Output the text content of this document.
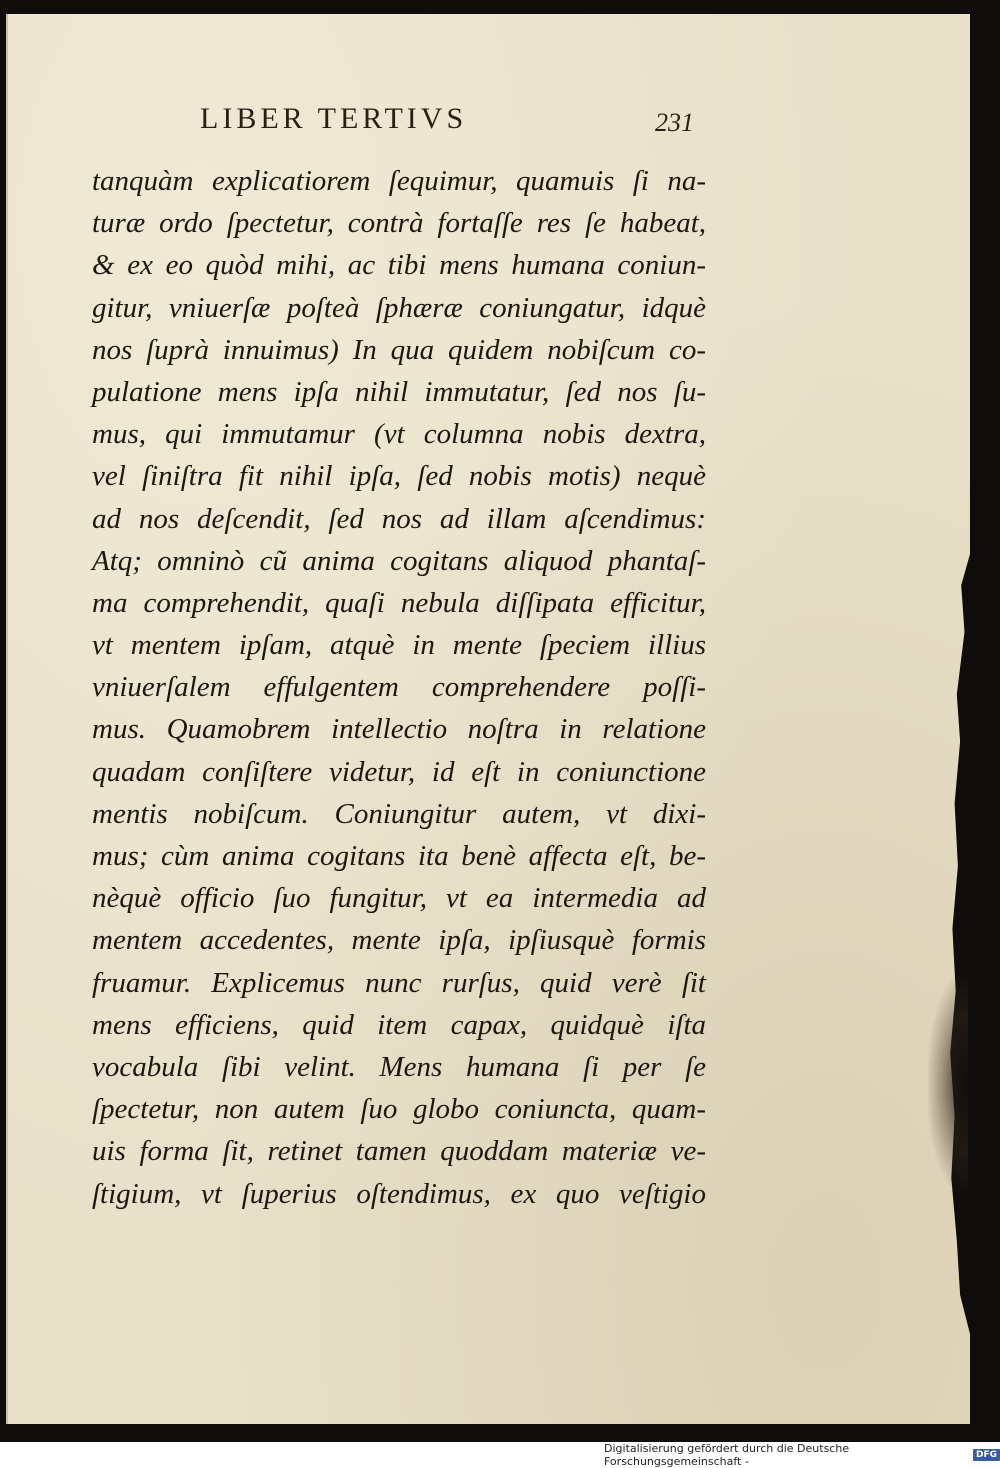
LIBER TERTIVS	231
tanquàm explicatiorem ſequimur, quamuis ſi na-
turæ ordo ſpectetur, contrà fortaſſe res ſe habeat,
& ex eo quòd mihi, ac tibi mens humana coniun-
gitur, vniuerſæ poſteà ſphæræ coniungatur, idquè
nos ſuprà innuimus) In qua quidem nobiſcum co-
pulatione mens ipſa nihil immutatur, ſed nos ſu-
mus, qui immutamur (vt columna nobis dextra,
vel ſiniſtra fit nihil ipſa, ſed nobis motis) nequè
ad nos deſcendit, ſed nos ad illam aſcendimus:
Atq; omninò cũ anima cogitans aliquod phantaſ-
ma comprehendit, quaſi nebula diſſipata efficitur,
vt mentem ipſam, atquè in mente ſpeciem illius
vniuerſalem effulgentem comprehendere poſſi-
mus. Quamobrem intellectio noſtra in relatione
quadam conſiſtere videtur, id eſt in coniunctione
mentis nobiſcum. Coniungitur autem, vt dixi-
mus; cùm anima cogitans ita benè affecta eſt, be-
nèquè officio ſuo fungitur, vt ea intermedia ad
mentem accedentes, mente ipſa, ipſiusquè formis
fruamur. Explicemus nunc rurſus, quid verè ſit
mens efficiens, quid item capax, quidquè iſta
vocabula ſibi velint. Mens humana ſi per ſe
ſpectetur, non autem ſuo globo coniuncta, quam-
uis forma ſit, retinet tamen quoddam materiæ ve-
ſtigium, vt ſuperius oſtendimus, ex quo veſtigio
Digitalisierung gefördert durch die Deutsche Forschungsgemeinschaft -	DFG
